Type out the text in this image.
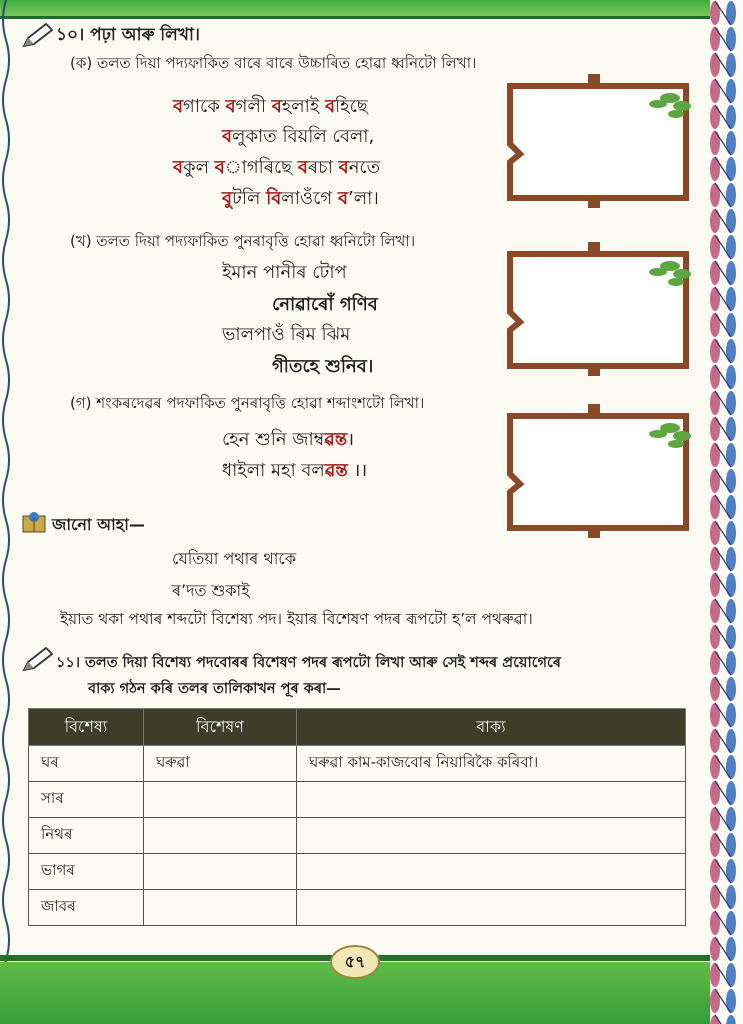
৫৭
১০। পঢ়া আৰু লিখা।
(ক) তলত দিয়া পদ্যফাকিত বাৰে বাৰে উচ্চাৰিত হোৱা ধ্বনিটো লিখা।
বগাকে বগলী বহলাই বহিছে
বলুকাত বিয়লি বেলা,
বকুল বাগৰিছে বৰচা বনতে
বুটলি বিলাওঁগে ব’লা।
(খ) তলত দিয়া পদ্যফাকিত পুনৰাবৃত্তি হোৱা ধ্বনিটো লিখা।
ইমান পানীৰ টোপ
নোৱাৰোঁ গণিব
ভালপাওঁ ৰিম ঝিম
গীতহে শুনিব।
(গ) শংকৰদেৱৰ পদফাকিত পুনৰাবৃত্তি হোৱা শব্দাংশটো লিখা।
হেন শুনি জাম্বৱন্ত।
ধাইলা মহা বলৱন্ত ।।
জানো আহা—
যেতিয়া পথাৰ থাকে
ৰ’দত শুকাই
ইয়াত থকা পথাৰ শব্দটো বিশেষ্য পদ। ইয়াৰ বিশেষণ পদৰ ৰূপটো হ’ল পথৰুৱা।
১১। তলত দিয়া বিশেষ্য পদবোৰৰ বিশেষণ পদৰ ৰূপটো লিখা আৰু সেই শব্দৰ প্ৰয়োগেৰে
বাক্য গঠন কৰি তলৰ তালিকাখন পূৰ কৰা—
বিশেষ্য	বিশেষণ	বাক্য
ঘৰ	ঘৰুৱা	ঘৰুৱা কাম-কাজবোৰ নিয়াৰিকৈ কৰিবা।
সাৰ		
নিথৰ		
ভাগৰ		
জাবৰ		
